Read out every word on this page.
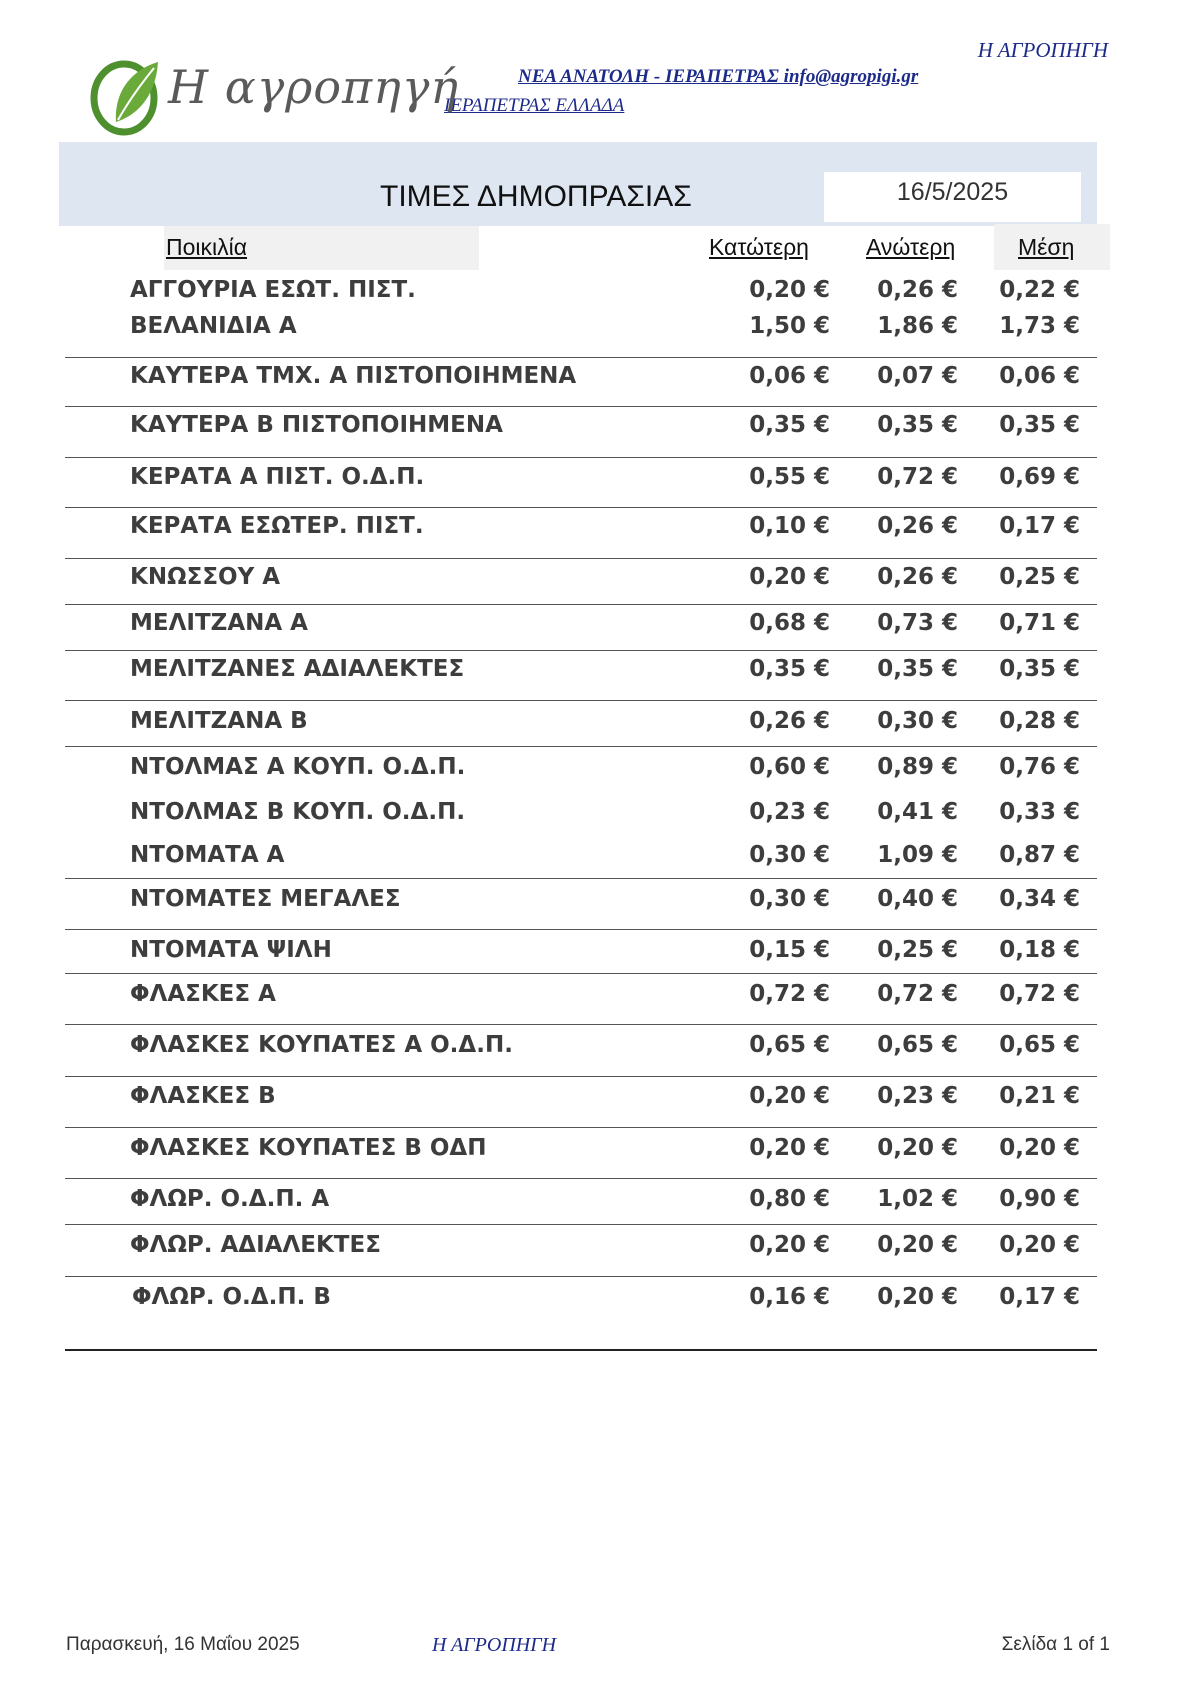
Η ΑΓΡΟΠΗΓΗ
ΝΕΑ ΑΝΑΤΟΛΗ - ΙΕΡΑΠΕΤΡΑΣ info@agropigi.gr
ΙΕΡΑΠΕΤΡΑΣ ΕΛΛΑΔΑ
Η αγροπηγή
ΤΙΜΕΣ ΔΗΜΟΠΡΑΣΙΑΣ	16/5/2025
Ποικιλία	Κατώτερη Ανώτερη	Μέση
ΑΓΓΟΥΡΙΑ ΕΣΩΤ. ΠΙΣΤ.	0,20 €	0,26 €	0,22 €
ΒΕΛΑΝΙΔΙΑ Α	1,50 €	1,86 €	1,73 €
ΚΑΥΤΕΡΑ ΤΜΧ. Α ΠΙΣΤΟΠΟΙΗΜΕΝΑ	0,06 €	0,07 €	0,06 €
ΚΑΥΤΕΡΑ Β ΠΙΣΤΟΠΟΙΗΜΕΝΑ	0,35 €	0,35 €	0,35 €
ΚΕΡΑΤΑ Α ΠΙΣΤ. Ο.Δ.Π.	0,55 €	0,72 €	0,69 €
ΚΕΡΑΤΑ ΕΣΩΤΕΡ. ΠΙΣΤ.	0,10 €	0,26 €	0,17 €
ΚΝΩΣΣΟΥ Α	0,20 €	0,26 €	0,25 €
ΜΕΛΙΤΖΑΝΑ Α	0,68 €	0,73 €	0,71 €
ΜΕΛΙΤΖΑΝΕΣ ΑΔΙΑΛΕΚΤΕΣ	0,35 €	0,35 €	0,35 €
ΜΕΛΙΤΖΑΝΑ Β	0,26 €	0,30 €	0,28 €
ΝΤΟΛΜΑΣ Α ΚΟΥΠ. Ο.Δ.Π.	0,60 €	0,89 €	0,76 €
ΝΤΟΛΜΑΣ Β ΚΟΥΠ. Ο.Δ.Π.	0,23 €	0,41 €	0,33 €
ΝΤΟΜΑΤΑ Α	0,30 €	1,09 €	0,87 €
ΝΤΟΜΑΤΕΣ ΜΕΓΑΛΕΣ	0,30 €	0,40 €	0,34 €
ΝΤΟΜΑΤΑ ΨΙΛΗ	0,15 €	0,25 €	0,18 €
ΦΛΑΣΚΕΣ Α	0,72 €	0,72 €	0,72 €
ΦΛΑΣΚΕΣ ΚΟΥΠΑΤΕΣ Α Ο.Δ.Π.	0,65 €	0,65 €	0,65 €
ΦΛΑΣΚΕΣ Β	0,20 €	0,23 €	0,21 €
ΦΛΑΣΚΕΣ ΚΟΥΠΑΤΕΣ Β ΟΔΠ	0,20 €	0,20 €	0,20 €
ΦΛΩΡ. Ο.Δ.Π. Α	0,80 €	1,02 €	0,90 €
ΦΛΩΡ. ΑΔΙΑΛΕΚΤΕΣ	0,20 €	0,20 €	0,20 €
ΦΛΩΡ. Ο.Δ.Π. Β	0,16 €	0,20 €	0,17 €
Παρασκευή, 16 Μαΐου 2025	Η ΑΓΡΟΠΗΓΗ	Σελίδα 1 of 1
